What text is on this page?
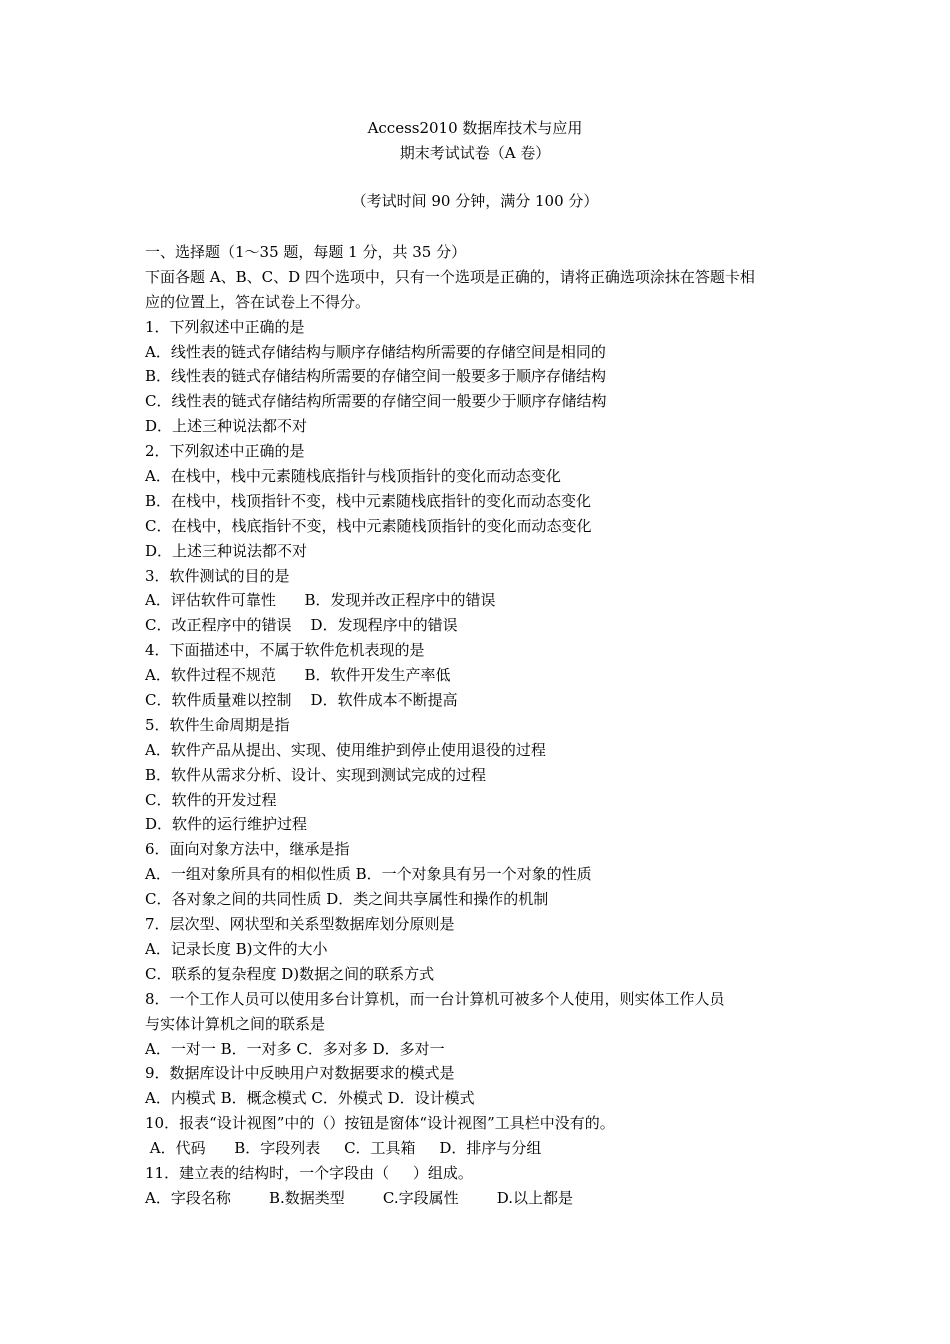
Access2010 数据库技术与应用
期末考试试卷（A 卷）
（考试时间 90 分钟，满分 100 分）
一、选择题（1～35 题，每题 1 分，共 35 分）
下面各题 A、B、C、D 四个选项中，只有一个选项是正确的，请将正确选项涂抹在答题卡相
应的位置上，答在试卷上不得分。
1．下列叙述中正确的是
A．线性表的链式存储结构与顺序存储结构所需要的存储空间是相同的
B．线性表的链式存储结构所需要的存储空间一般要多于顺序存储结构
C．线性表的链式存储结构所需要的存储空间一般要少于顺序存储结构
D．上述三种说法都不对
2．下列叙述中正确的是
A．在栈中，栈中元素随栈底指针与栈顶指针的变化而动态变化
B．在栈中，栈顶指针不变，栈中元素随栈底指针的变化而动态变化
C．在栈中，栈底指针不变，栈中元素随栈顶指针的变化而动态变化
D．上述三种说法都不对
3．软件测试的目的是
A．评估软件可靠性      B．发现并改正程序中的错误
C．改正程序中的错误    D．发现程序中的错误
4．下面描述中，不属于软件危机表现的是
A．软件过程不规范      B．软件开发生产率低
C．软件质量难以控制    D．软件成本不断提高
5．软件生命周期是指
A．软件产品从提出、实现、使用维护到停止使用退役的过程
B．软件从需求分析、设计、实现到测试完成的过程
C．软件的开发过程
D．软件的运行维护过程
6．面向对象方法中，继承是指
A．一组对象所具有的相似性质 B．一个对象具有另一个对象的性质
C．各对象之间的共同性质 D．类之间共享属性和操作的机制
7．层次型、网状型和关系型数据库划分原则是
A．记录长度 B)文件的大小
C．联系的复杂程度 D)数据之间的联系方式
8．一个工作人员可以使用多台计算机，而一台计算机可被多个人使用，则实体工作人员
与实体计算机之间的联系是
A．一对一 B．一对多 C．多对多 D．多对一
9．数据库设计中反映用户对数据要求的模式是
A．内模式 B．概念模式 C．外模式 D．设计模式
10．报表“设计视图”中的（）按钮是窗体“设计视图”工具栏中没有的。
A．代码      B．字段列表     C．工具箱     D．排序与分组
11．建立表的结构时，一个字段由（     ）组成。
A．字段名称        B.数据类型        C.字段属性        D.以上都是
